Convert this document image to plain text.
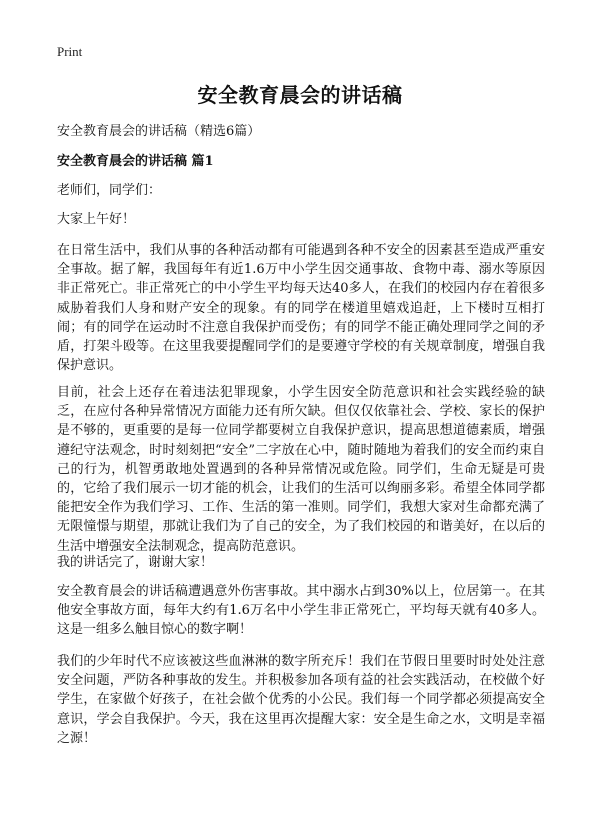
Print
安全教育晨会的讲话稿
安全教育晨会的讲话稿（精选6篇）
安全教育晨会的讲话稿 篇1

老师们，同学们：

大家上午好！

在日常生活中，我们从事的各种活动都有可能遇到各种不安全的因素甚至造成严重安全事故。据了解，我国每年有近1.6万中小学生因交通事故、食物中毒、溺水等原因非正常死亡。非正常死亡的中小学生平均每天达40多人，在我们的校园内存在着很多威胁着我们人身和财产安全的现象。有的同学在楼道里嬉戏追赶，上下楼时互相打闹；有的同学在运动时不注意自我保护而受伤；有的同学不能正确处理同学之间的矛盾，打架斗殴等。在这里我要提醒同学们的是要遵守学校的有关规章制度，增强自我保护意识。

目前，社会上还存在着违法犯罪现象，小学生因安全防范意识和社会实践经验的缺乏，在应付各种异常情况方面能力还有所欠缺。但仅仅依靠社会、学校、家长的保护是不够的，更重要的是每一位同学都要树立自我保护意识，提高思想道德素质，增强遵纪守法观念，时时刻刻把“安全”二字放在心中，随时随地为着我们的安全而约束自己的行为，机智勇敢地处置遇到的各种异常情况或危险。同学们，生命无疑是可贵的，它给了我们展示一切才能的机会，让我们的生活可以绚丽多彩。希望全体同学都能把安全作为我们学习、工作、生活的第一准则。同学们，我想大家对生命都充满了无限憧憬与期望，那就让我们为了自己的安全，为了我们校园的和谐美好，在以后的生活中增强安全法制观念，提高防范意识。

我的讲话完了，谢谢大家！

安全教育晨会的讲话稿遭遇意外伤害事故。其中溺水占到30%以上，位居第一。在其他安全事故方面，每年大约有1.6万名中小学生非正常死亡，平均每天就有40多人。这是一组多么触目惊心的数字啊！

我们的少年时代不应该被这些血淋淋的数字所充斥！我们在节假日里要时时处处注意安全问题，严防各种事故的发生。并积极参加各项有益的社会实践活动，在校做个好学生，在家做个好孩子，在社会做个优秀的小公民。我们每一个同学都必须提高安全意识，学会自我保护。今天，我在这里再次提醒大家：安全是生命之水，文明是幸福之源！
